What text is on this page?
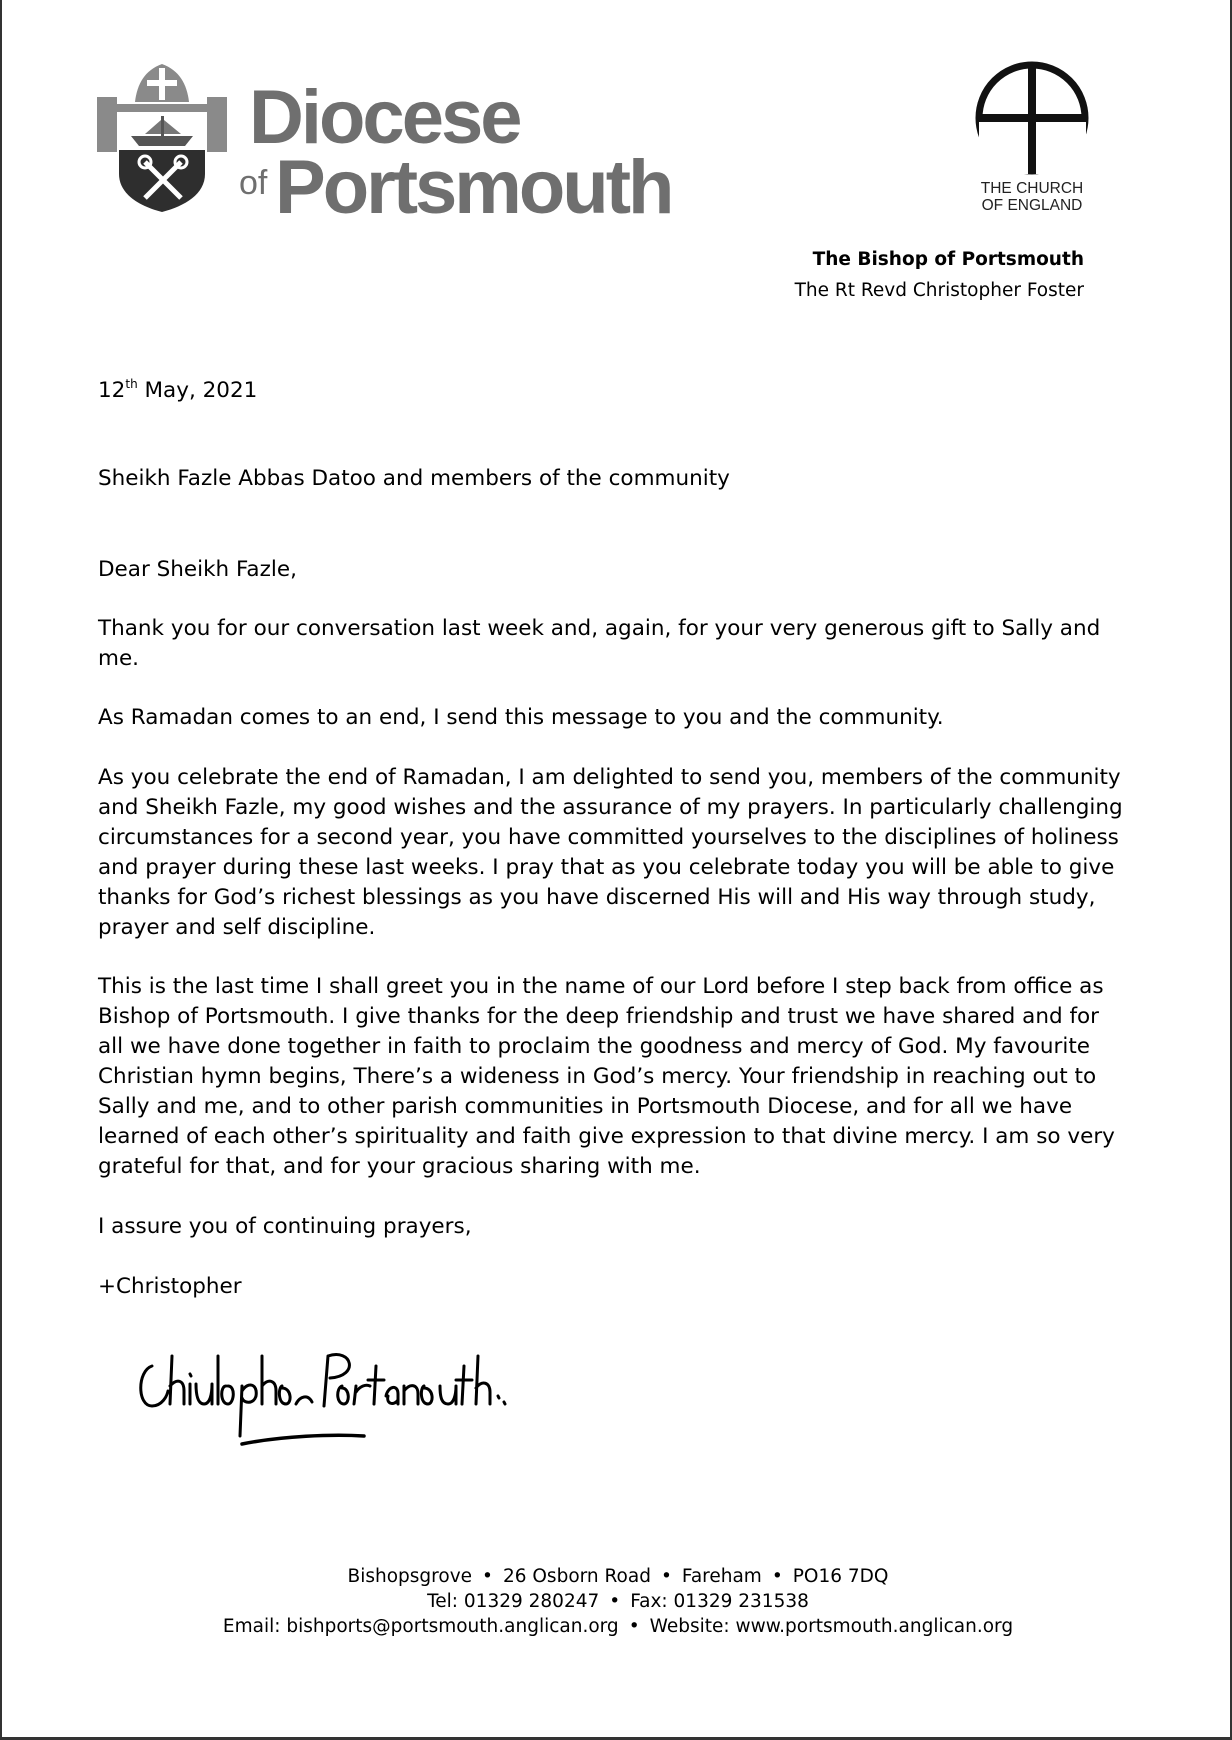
Diocese
of Portsmouth	THE CHURCH
OF ENGLAND
The Bishop of Portsmouth
The Rt Revd Christopher Foster
12th May, 2021
Sheikh Fazle Abbas Datoo and members of the community
Dear Sheikh Fazle,
Thank you for our conversation last week and, again, for your very generous gift to Sally and me.
As Ramadan comes to an end, I send this message to you and the community.
As you celebrate the end of Ramadan, I am delighted to send you, members of the community and Sheikh Fazle, my good wishes and the assurance of my prayers. In particularly challenging circumstances for a second year, you have committed yourselves to the disciplines of holiness and prayer during these last weeks. I pray that as you celebrate today you will be able to give thanks for God’s richest blessings as you have discerned His will and His way through study, prayer and self discipline.
This is the last time I shall greet you in the name of our Lord before I step back from office as Bishop of Portsmouth. I give thanks for the deep friendship and trust we have shared and for all we have done together in faith to proclaim the goodness and mercy of God. My favourite Christian hymn begins, There’s a wideness in God’s mercy. Your friendship in reaching out to Sally and me, and to other parish communities in Portsmouth Diocese, and for all we have learned of each other’s spirituality and faith give expression to that divine mercy. I am so very grateful for that, and for your gracious sharing with me.
I assure you of continuing prayers,
+Christopher
Bishopsgrove • 26 Osborn Road • Fareham • PO16 7DQ
Tel: 01329 280247 • Fax: 01329 231538
Email: bishports@portsmouth.anglican.org • Website: www.portsmouth.anglican.org
